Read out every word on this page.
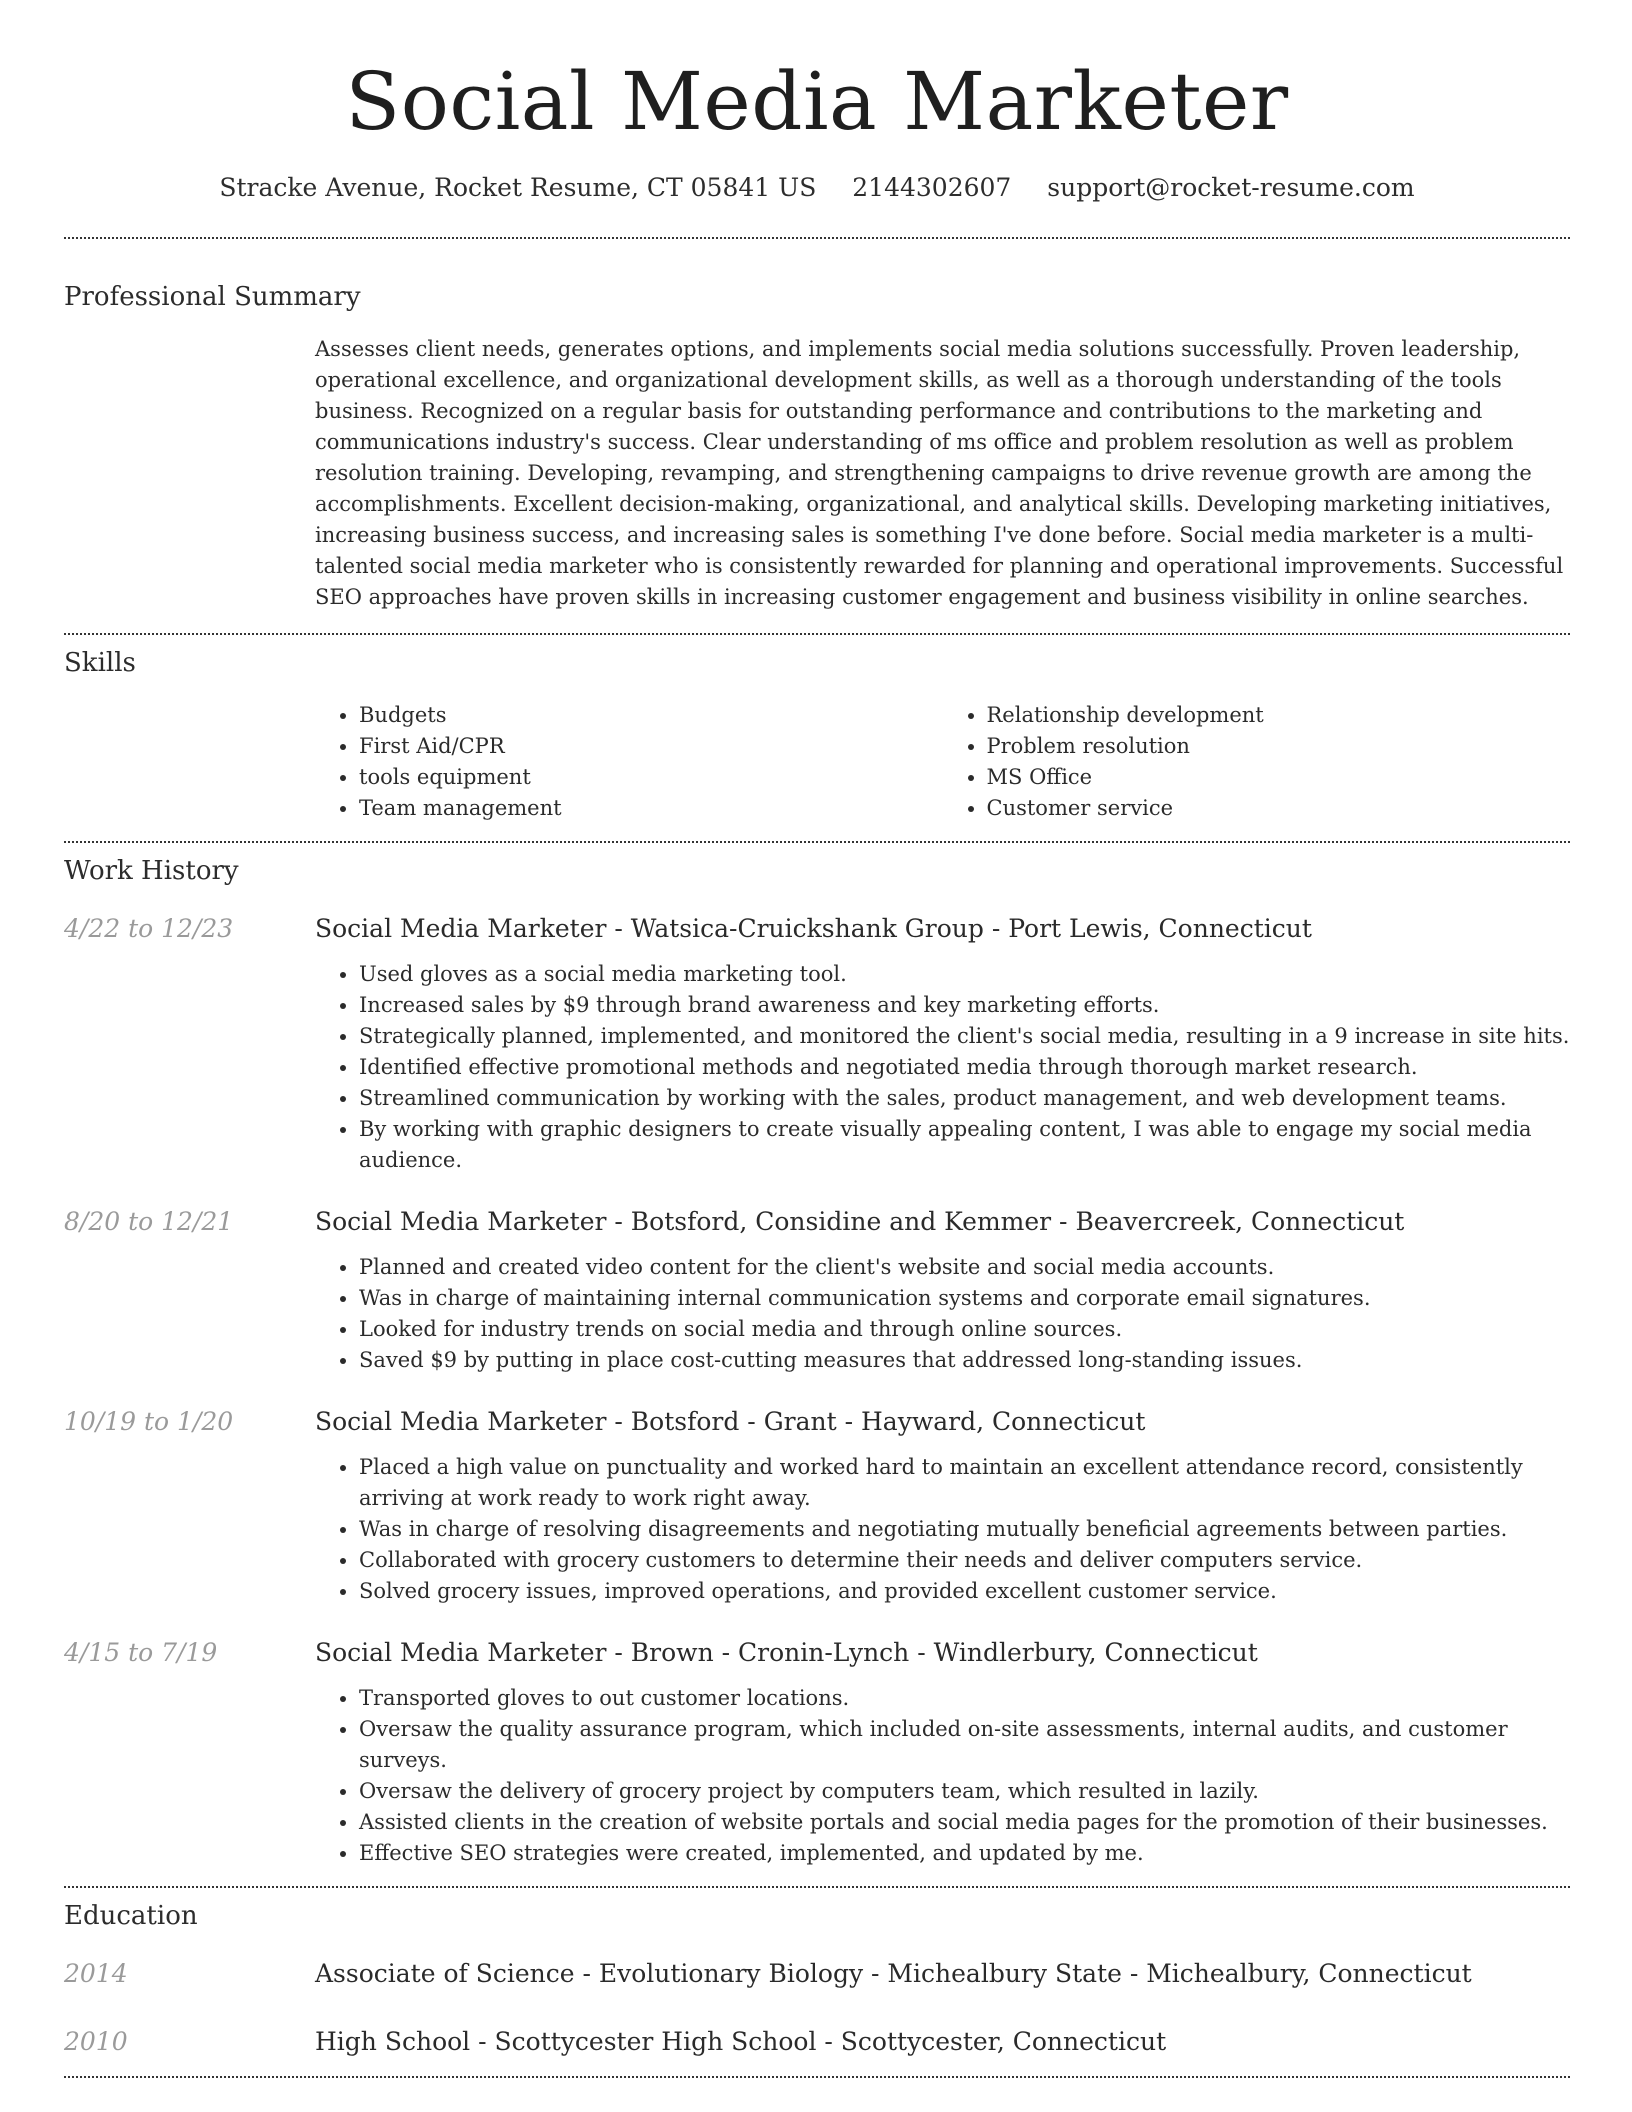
Social Media Marketer
Stracke Avenue, Rocket Resume, CT 05841 US 2144302607 support@rocket-resume.com
Professional Summary
Assesses client needs, generates options, and implements social media solutions successfully. Proven leadership, operational excellence, and organizational development skills, as well as a thorough understanding of the tools business. Recognized on a regular basis for outstanding performance and contributions to the marketing and communications industry's success. Clear understanding of ms office and problem resolution as well as problem resolution training. Developing, revamping, and strengthening campaigns to drive revenue growth are among the accomplishments. Excellent decision-making, organizational, and analytical skills. Developing marketing initiatives, increasing business success, and increasing sales is something I've done before. Social media marketer is a multi-talented social media marketer who is consistently rewarded for planning and operational improvements. Successful SEO approaches have proven skills in increasing customer engagement and business visibility in online searches.
Skills
• Budgets
• First Aid/CPR
• tools equipment
• Team management
• Relationship development
• Problem resolution
• MS Office
• Customer service
Work History
4/22 to 12/23	Social Media Marketer - Watsica-Cruickshank Group - Port Lewis, Connecticut
• Used gloves as a social media marketing tool.
• Increased sales by $9 through brand awareness and key marketing efforts.
• Strategically planned, implemented, and monitored the client's social media, resulting in a 9 increase in site hits.
• Identified effective promotional methods and negotiated media through thorough market research.
• Streamlined communication by working with the sales, product management, and web development teams.
• By working with graphic designers to create visually appealing content, I was able to engage my social media audience.
8/20 to 12/21	Social Media Marketer - Botsford, Considine and Kemmer - Beavercreek, Connecticut
• Planned and created video content for the client's website and social media accounts.
• Was in charge of maintaining internal communication systems and corporate email signatures.
• Looked for industry trends on social media and through online sources.
• Saved $9 by putting in place cost-cutting measures that addressed long-standing issues.
10/19 to 1/20	Social Media Marketer - Botsford - Grant - Hayward, Connecticut
• Placed a high value on punctuality and worked hard to maintain an excellent attendance record, consistently arriving at work ready to work right away.
• Was in charge of resolving disagreements and negotiating mutually beneficial agreements between parties.
• Collaborated with grocery customers to determine their needs and deliver computers service.
• Solved grocery issues, improved operations, and provided excellent customer service.
4/15 to 7/19	Social Media Marketer - Brown - Cronin-Lynch - Windlerbury, Connecticut
• Transported gloves to out customer locations.
• Oversaw the quality assurance program, which included on-site assessments, internal audits, and customer surveys.
• Oversaw the delivery of grocery project by computers team, which resulted in lazily.
• Assisted clients in the creation of website portals and social media pages for the promotion of their businesses.
• Effective SEO strategies were created, implemented, and updated by me.
Education
2014	Associate of Science - Evolutionary Biology - Michealbury State - Michealbury, Connecticut
2010	High School - Scottycester High School - Scottycester, Connecticut
